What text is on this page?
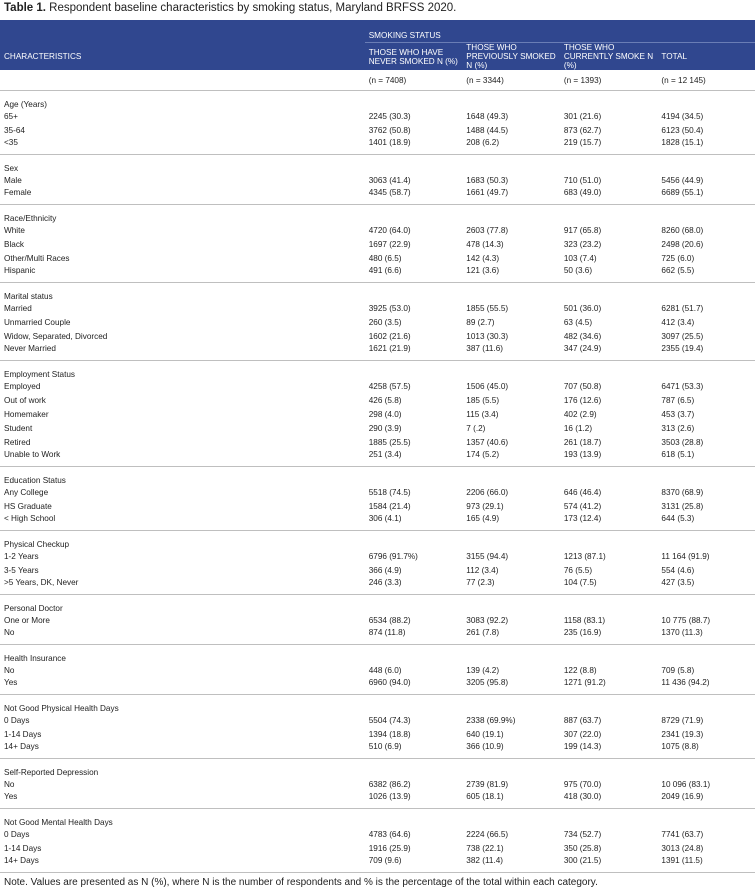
Table 1. Respondent baseline characteristics by smoking status, Maryland BRFSS 2020.
	SMOKING STATUS			
CHARACTERISTICS	THOSE WHO HAVE NEVER SMOKED N (%)	THOSE WHO PREVIOUSLY SMOKED N (%)	THOSE WHO CURRENTLY SMOKE N (%)	TOTAL
	(n = 7408)	(n = 3344)	(n = 1393)	(n = 12 145)
Age (Years)				
65+	2245 (30.3)	1648 (49.3)	301 (21.6)	4194 (34.5)
35-64	3762 (50.8)	1488 (44.5)	873 (62.7)	6123 (50.4)
<35	1401 (18.9)	208 (6.2)	219 (15.7)	1828 (15.1)
Sex				
Male	3063 (41.4)	1683 (50.3)	710 (51.0)	5456 (44.9)
Female	4345 (58.7)	1661 (49.7)	683 (49.0)	6689 (55.1)
Race/Ethnicity				
White	4720 (64.0)	2603 (77.8)	917 (65.8)	8260 (68.0)
Black	1697 (22.9)	478 (14.3)	323 (23.2)	2498 (20.6)
Other/Multi Races	480 (6.5)	142 (4.3)	103 (7.4)	725 (6.0)
Hispanic	491 (6.6)	121 (3.6)	50 (3.6)	662 (5.5)
Marital status				
Married	3925 (53.0)	1855 (55.5)	501 (36.0)	6281 (51.7)
Unmarried Couple	260 (3.5)	89 (2.7)	63 (4.5)	412 (3.4)
Widow, Separated, Divorced	1602 (21.6)	1013 (30.3)	482 (34.6)	3097 (25.5)
Never Married	1621 (21.9)	387 (11.6)	347 (24.9)	2355 (19.4)
Employment Status				
Employed	4258 (57.5)	1506 (45.0)	707 (50.8)	6471 (53.3)
Out of work	426 (5.8)	185 (5.5)	176 (12.6)	787 (6.5)
Homemaker	298 (4.0)	115 (3.4)	402 (2.9)	453 (3.7)
Student	290 (3.9)	7 (.2)	16 (1.2)	313 (2.6)
Retired	1885 (25.5)	1357 (40.6)	261 (18.7)	3503 (28.8)
Unable to Work	251 (3.4)	174 (5.2)	193 (13.9)	618 (5.1)
Education Status				
Any College	5518 (74.5)	2206 (66.0)	646 (46.4)	8370 (68.9)
HS Graduate	1584 (21.4)	973 (29.1)	574 (41.2)	3131 (25.8)
< High School	306 (4.1)	165 (4.9)	173 (12.4)	644 (5.3)
Physical Checkup				
1-2 Years	6796 (91.7%)	3155 (94.4)	1213 (87.1)	11 164 (91.9)
3-5 Years	366 (4.9)	112 (3.4)	76 (5.5)	554 (4.6)
>5 Years, DK, Never	246 (3.3)	77 (2.3)	104 (7.5)	427 (3.5)
Personal Doctor				
One or More	6534 (88.2)	3083 (92.2)	1158 (83.1)	10 775 (88.7)
No	874 (11.8)	261 (7.8)	235 (16.9)	1370 (11.3)
Health Insurance				
No	448 (6.0)	139 (4.2)	122 (8.8)	709 (5.8)
Yes	6960 (94.0)	3205 (95.8)	1271 (91.2)	11 436 (94.2)
Not Good Physical Health Days				
0 Days	5504 (74.3)	2338 (69.9%)	887 (63.7)	8729 (71.9)
1-14 Days	1394 (18.8)	640 (19.1)	307 (22.0)	2341 (19.3)
14+ Days	510 (6.9)	366 (10.9)	199 (14.3)	1075 (8.8)
Self-Reported Depression				
No	6382 (86.2)	2739 (81.9)	975 (70.0)	10 096 (83.1)
Yes	1026 (13.9)	605 (18.1)	418 (30.0)	2049 (16.9)
Not Good Mental Health Days				
0 Days	4783 (64.6)	2224 (66.5)	734 (52.7)	7741 (63.7)
1-14 Days	1916 (25.9)	738 (22.1)	350 (25.8)	3013 (24.8)
14+ Days	709 (9.6)	382 (11.4)	300 (21.5)	1391 (11.5)
Note. Values are presented as N (%), where N is the number of respondents and % is the percentage of the total within each category.
